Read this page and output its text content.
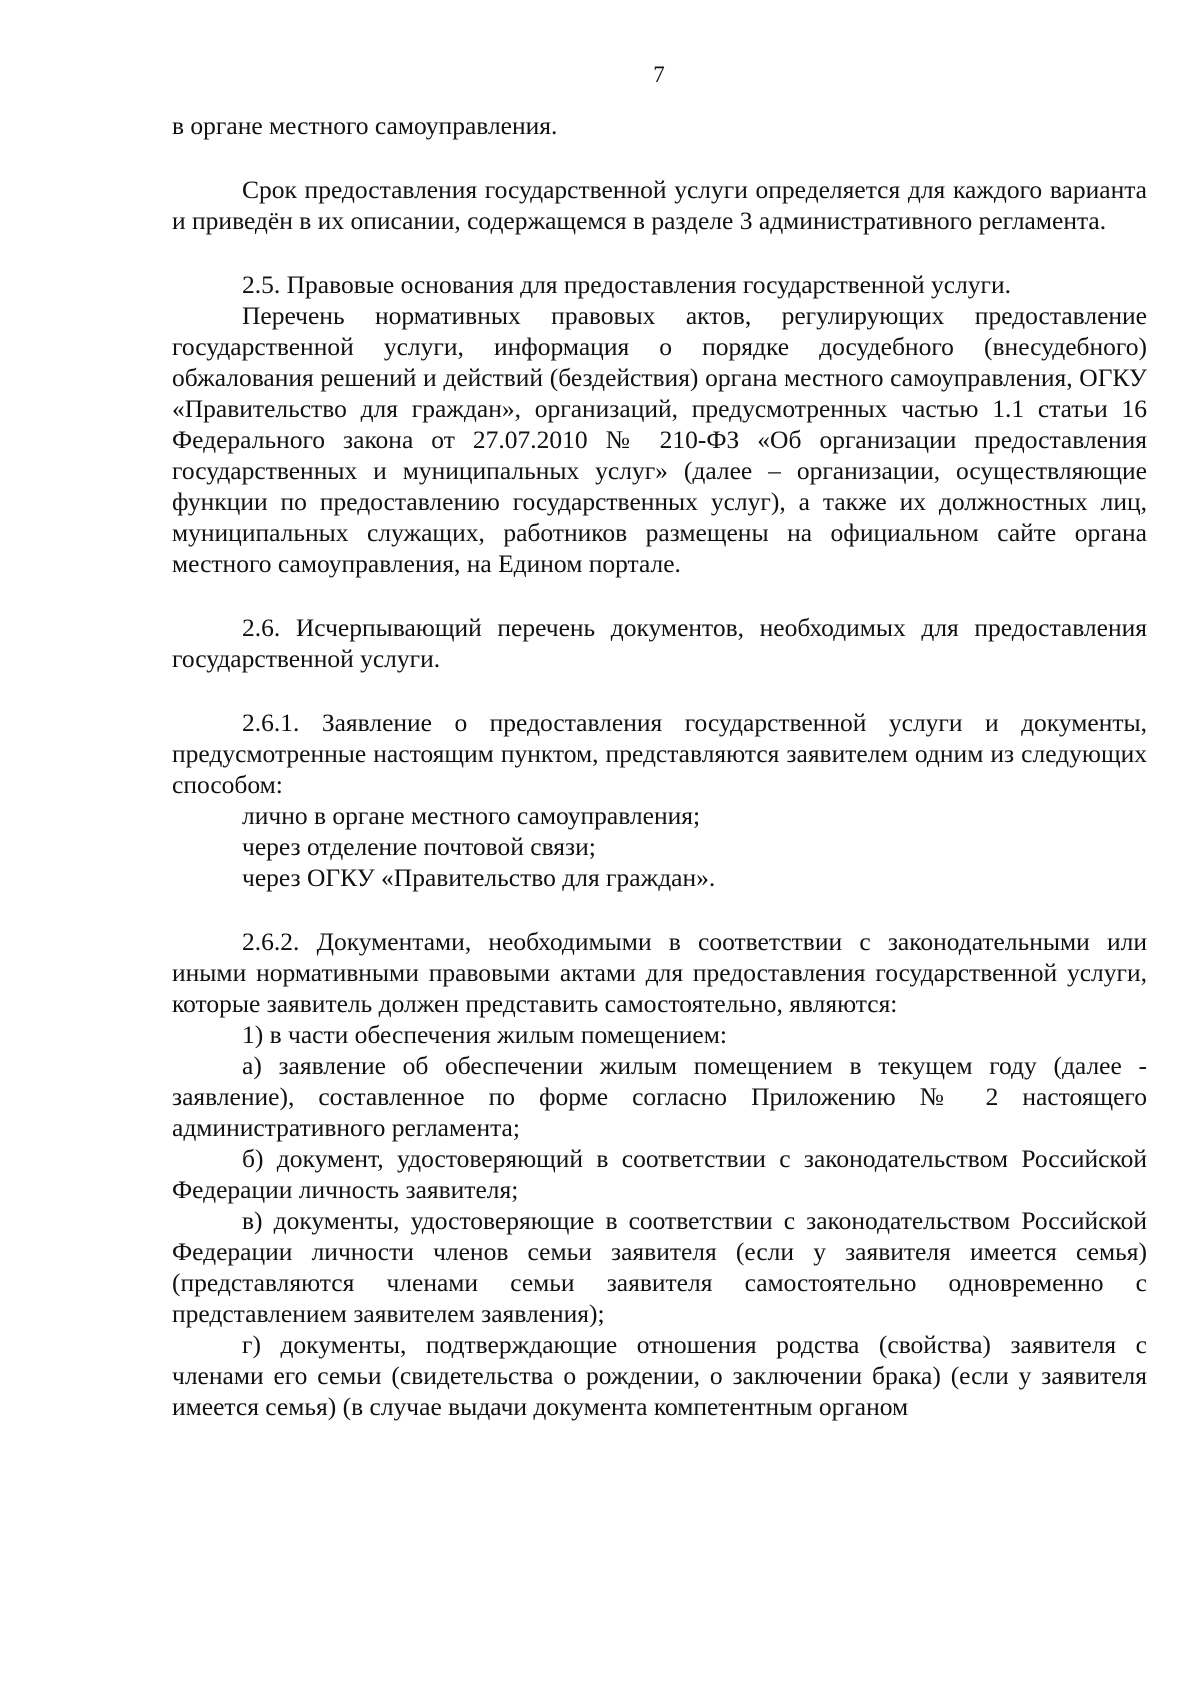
7

в органе местного самоуправления.

Срок предоставления государственной услуги определяется для каждого варианта и приведён в их описании, содержащемся в разделе 3 административного регламента.

2.5. Правовые основания для предоставления государственной услуги.

Перечень нормативных правовых актов, регулирующих предоставление государственной услуги, информация о порядке досудебного (внесудебного) обжалования решений и действий (бездействия) органа местного самоуправления, ОГКУ «Правительство для граждан», организаций, предусмотренных частью 1.1 статьи 16 Федерального закона от 27.07.2010 № 210-ФЗ «Об организации предоставления государственных и муниципальных услуг» (далее – организации, осуществляющие функции по предоставлению государственных услуг), а также их должностных лиц, муниципальных служащих, работников размещены на официальном сайте органа местного самоуправления, на Едином портале.

2.6. Исчерпывающий перечень документов, необходимых для предоставления государственной услуги.

2.6.1. Заявление о предоставления государственной услуги и документы, предусмотренные настоящим пунктом, представляются заявителем одним из следующих способом:

лично в органе местного самоуправления;

через отделение почтовой связи;

через ОГКУ «Правительство для граждан».

2.6.2. Документами, необходимыми в соответствии с законодательными или иными нормативными правовыми актами для предоставления государственной услуги, которые заявитель должен представить самостоятельно, являются:

1) в части обеспечения жилым помещением:

а) заявление об обеспечении жилым помещением в текущем году (далее - заявление), составленное по форме согласно Приложению № 2 настоящего административного регламента;

б) документ, удостоверяющий в соответствии с законодательством Российской Федерации личность заявителя;

в) документы, удостоверяющие в соответствии с законодательством Российской Федерации личности членов семьи заявителя (если у заявителя имеется семья) (представляются членами семьи заявителя самостоятельно одновременно с представлением заявителем заявления);

г) документы, подтверждающие отношения родства (свойства) заявителя с членами его семьи (свидетельства о рождении, о заключении брака) (если у заявителя имеется семья) (в случае выдачи документа компетентным органом
